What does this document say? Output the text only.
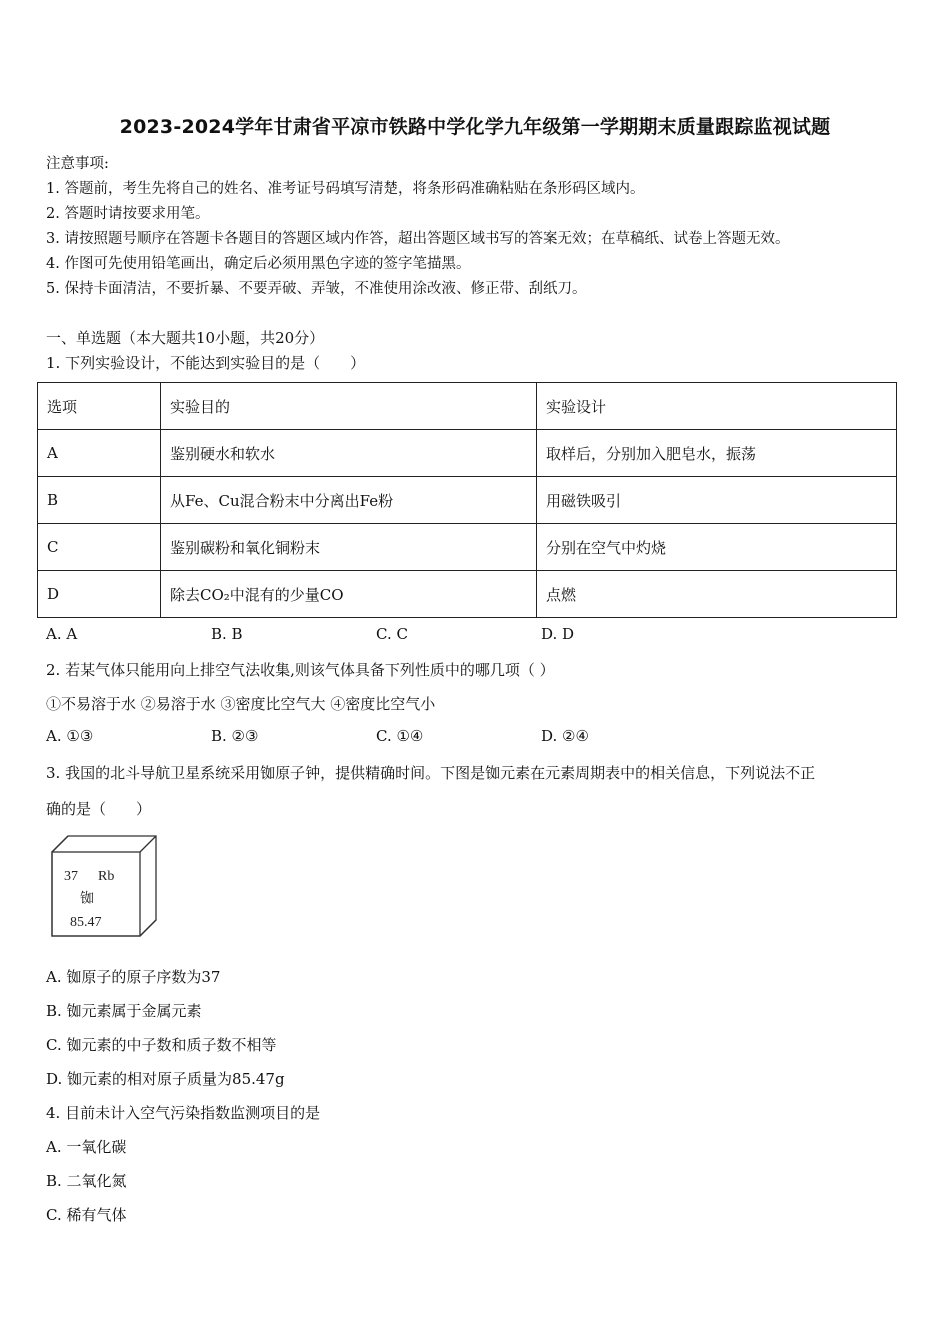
2023-2024学年甘肃省平凉市铁路中学化学九年级第一学期期末质量跟踪监视试题
注意事项:
1. 答题前，考生先将自己的姓名、准考证号码填写清楚，将条形码准确粘贴在条形码区域内。
2. 答题时请按要求用笔。
3. 请按照题号顺序在答题卡各题目的答题区域内作答，超出答题区域书写的答案无效；在草稿纸、试卷上答题无效。
4. 作图可先使用铅笔画出，确定后必须用黑色字迹的签字笔描黑。
5. 保持卡面清洁，不要折暴、不要弄破、弄皱，不准使用涂改液、修正带、刮纸刀。
一、单选题（本大题共10小题，共20分）
1. 下列实验设计，不能达到实验目的是（　　）
选项	实验目的	实验设计
A	鉴别硬水和软水	取样后，分别加入肥皂水，振荡
B	从Fe、Cu混合粉末中分离出Fe粉	用磁铁吸引
C	鉴别碳粉和氧化铜粉末	分别在空气中灼烧
D	除去CO₂中混有的少量CO	点燃
A. A	B. B	C. C	D. D
2. 若某气体只能用向上排空气法收集,则该气体具备下列性质中的哪几项（ ）
①不易溶于水 ②易溶于水 ③密度比空气大 ④密度比空气小
A. ①③	B. ②③	C. ①④	D. ②④
3. 我国的北斗导航卫星系统采用铷原子钟，提供精确时间。下图是铷元素在元素周期表中的相关信息，下列说法不正
确的是（　　）
37 Rb
铷
85.47
A. 铷原子的原子序数为37
B. 铷元素属于金属元素
C. 铷元素的中子数和质子数不相等
D. 铷元素的相对原子质量为85.47g
4. 目前未计入空气污染指数监测项目的是
A. 一氧化碳
B. 二氧化氮
C. 稀有气体
